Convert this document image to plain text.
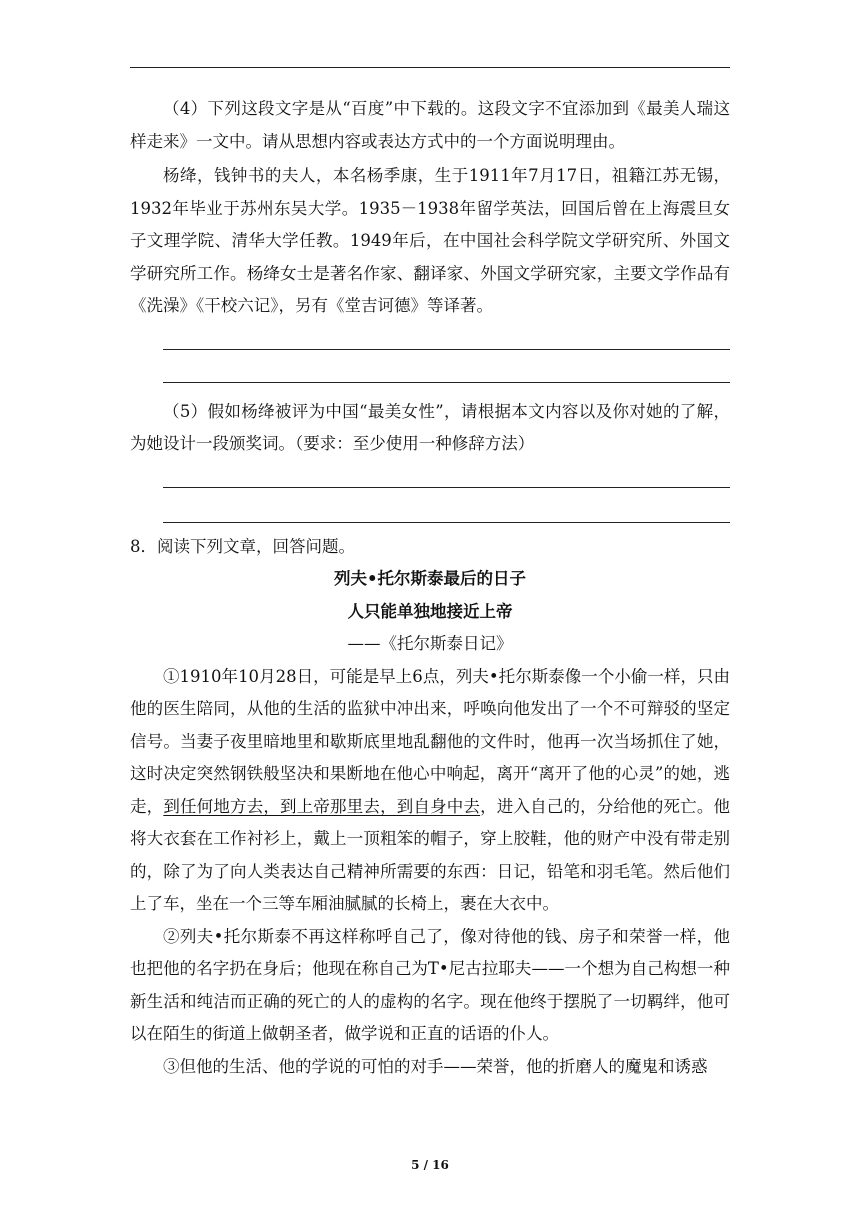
（4）下列这段文字是从“百度”中下载的。这段文字不宜添加到《最美人瑞这样走来》一文中。请从思想内容或表达方式中的一个方面说明理由。

杨绛，钱钟书的夫人，本名杨季康，生于1911年7月17日，祖籍江苏无锡，1932年毕业于苏州东吴大学。1935－1938年留学英法，回国后曾在上海震旦女子文理学院、清华大学任教。1949年后，在中国社会科学院文学研究所、外国文学研究所工作。杨绛女士是著名作家、翻译家、外国文学研究家，主要文学作品有《洗澡》《干校六记》，另有《堂吉诃德》等译著。

（5）假如杨绛被评为中国“最美女性”，请根据本文内容以及你对她的了解，为她设计一段颁奖词。（要求：至少使用一种修辞方法）

8．阅读下列文章，回答问题。

列夫•托尔斯泰最后的日子

人只能单独地接近上帝

——《托尔斯泰日记》

①1910年10月28日，可能是早上6点，列夫•托尔斯泰像一个小偷一样，只由他的医生陪同，从他的生活的监狱中冲出来，呼唤向他发出了一个不可辩驳的坚定信号。当妻子夜里暗地里和歇斯底里地乱翻他的文件时，他再一次当场抓住了她，这时决定突然钢铁般坚决和果断地在他心中响起，离开“离开了他的心灵”的她，逃走，到任何地方去，到上帝那里去，到自身中去，进入自己的，分给他的死亡。他将大衣套在工作衬衫上，戴上一顶粗笨的帽子，穿上胶鞋，他的财产中没有带走别的，除了为了向人类表达自己精神所需要的东西：日记，铅笔和羽毛笔。然后他们上了车，坐在一个三等车厢油腻腻的长椅上，裹在大衣中。

②列夫•托尔斯泰不再这样称呼自己了，像对待他的钱、房子和荣誉一样，他也把他的名字扔在身后；他现在称自己为T•尼古拉耶夫——一个想为自己构想一种新生活和纯洁而正确的死亡的人的虚构的名字。现在他终于摆脱了一切羁绊，他可以在陌生的街道上做朝圣者，做学说和正直的话语的仆人。

③但他的生活、他的学说的可怕的对手——荣誉，他的折磨人的魔鬼和诱惑

5 / 16
